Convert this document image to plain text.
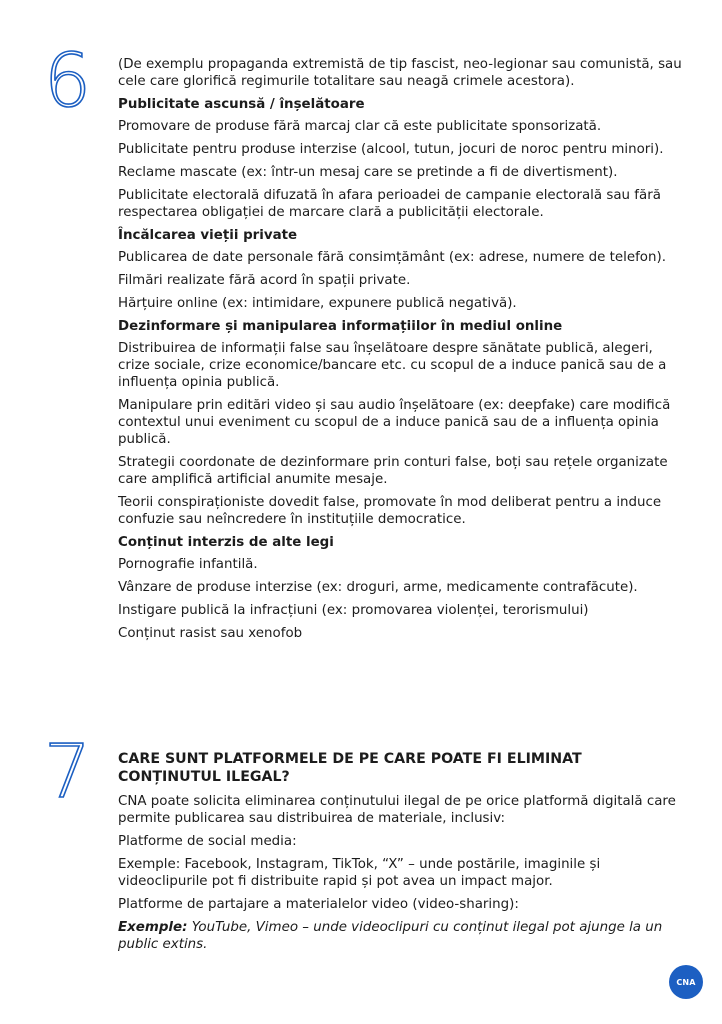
6 (De exemplu propaganda extremistă de tip fascist, neo-legionar sau comunistă, sau cele care glorifică regimurile totalitare sau neagă crimele acestora).

Publicitate ascunsă / înșelătoare

Promovare de produse fără marcaj clar că este publicitate sponsorizată.

Publicitate pentru produse interzise (alcool, tutun, jocuri de noroc pentru minori).

Reclame mascate (ex: într-un mesaj care se pretinde a fi de divertisment).

Publicitate electorală difuzată în afara perioadei de campanie electorală sau fără respectarea obligației de marcare clară a publicității electorale.

Încălcarea vieții private

Publicarea de date personale fără consimțământ (ex: adrese, numere de telefon).

Filmări realizate fără acord în spații private.

Hărțuire online (ex: intimidare, expunere publică negativă).

Dezinformare și manipularea informațiilor în mediul online

Distribuirea de informații false sau înșelătoare despre sănătate publică, alegeri, crize sociale, crize economice/bancare etc. cu scopul de a induce panică sau de a influența opinia publică.

Manipulare prin editări video și sau audio înșelătoare (ex: deepfake) care modifică contextul unui eveniment cu scopul de a induce panică sau de a influența opinia publică.

Strategii coordonate de dezinformare prin conturi false, boți sau rețele organizate care amplifică artificial anumite mesaje.

Teorii conspiraționiste dovedit false, promovate în mod deliberat pentru a induce confuzie sau neîncredere în instituțiile democratice.

Conținut interzis de alte legi

Pornografie infantilă.

Vânzare de produse interzise (ex: droguri, arme, medicamente contrafăcute).

Instigare publică la infracțiuni (ex: promovarea violenței, terorismului)

Conținut rasist sau xenofob

7 CARE SUNT PLATFORMELE DE PE CARE POATE FI ELIMINAT CONȚINUTUL ILEGAL?

CNA poate solicita eliminarea conținutului ilegal de pe orice platformă digitală care permite publicarea sau distribuirea de materiale, inclusiv:

Platforme de social media:

Exemple: Facebook, Instagram, TikTok, “X” – unde postările, imaginile și videoclipurile pot fi distribuite rapid și pot avea un impact major.

Platforme de partajare a materialelor video (video-sharing):

Exemple: YouTube, Vimeo – unde videoclipuri cu conținut ilegal pot ajunge la un public extins.

CNA
